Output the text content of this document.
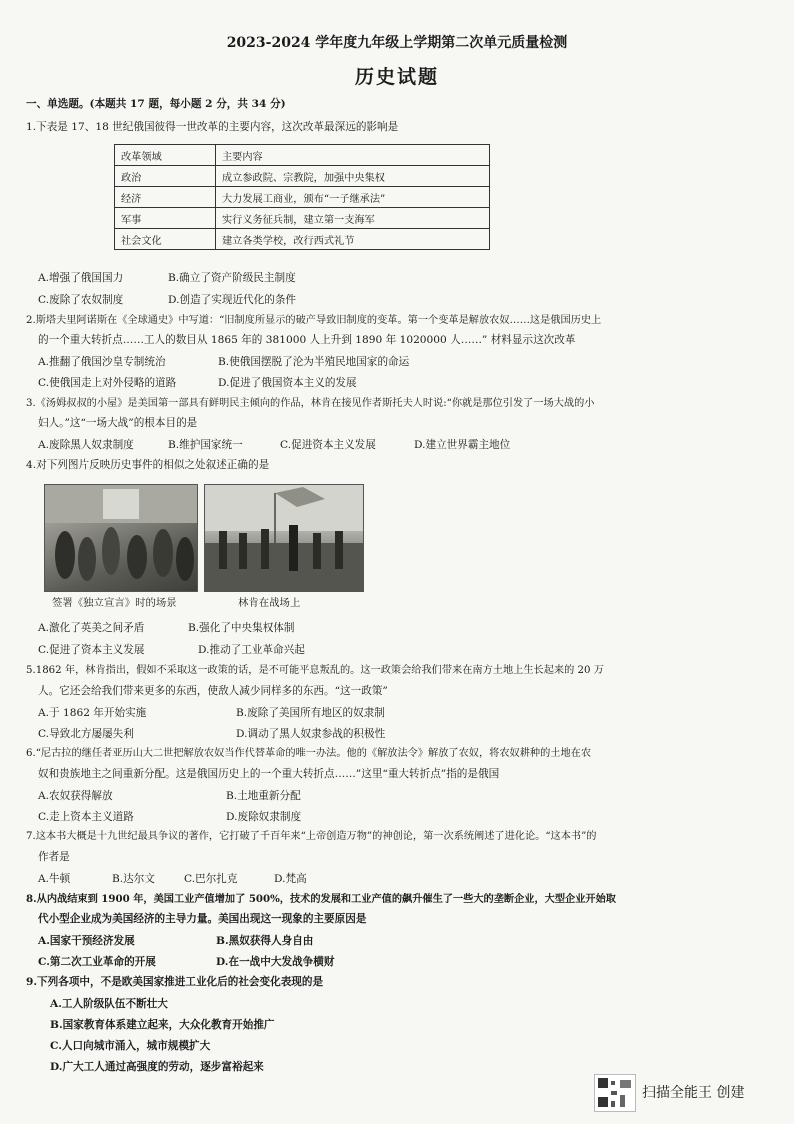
2023-2024 学年度九年级上学期第二次单元质量检测
历史试题
一、单选题。(本题共 17 题，每小题 2 分，共 34 分)
1.下表是 17、18 世纪俄国彼得一世改革的主要内容，这次改革最深远的影响是
改革领域	主要内容
政治	成立参政院、宗教院，加强中央集权
经济	大力发展工商业，颁布“一子继承法”
军事	实行义务征兵制，建立第一支海军
社会文化	建立各类学校，改行西式礼节
A.增强了俄国国力	B.确立了资产阶级民主制度
C.废除了农奴制度	D.创造了实现近代化的条件
2.斯塔夫里阿诺斯在《全球通史》中写道：“旧制度所显示的破产导致旧制度的变革。第一个变革是解放农奴……这是俄国历史上
的一个重大转折点……工人的数目从 1865 年的 381000 人上升到 1890 年 1020000 人……” 材料显示这次改革
A.推翻了俄国沙皇专制统治	B.使俄国摆脱了沦为半殖民地国家的命运
C.使俄国走上对外侵略的道路	D.促进了俄国资本主义的发展
3.《汤姆叔叔的小屋》是美国第一部具有鲜明民主倾向的作品，林肯在接见作者斯托夫人时说:“你就是那位引发了一场大战的小
妇人。”这“一场大战”的根本目的是
A.废除黑人奴隶制度	B.维护国家统一	C.促进资本主义发展	D.建立世界霸主地位
4.对下列图片反映历史事件的相似之处叙述正确的是
签署《独立宣言》时的场景	林肯在战场上
A.激化了英美之间矛盾	B.强化了中央集权体制
C.促进了资本主义发展	D.推动了工业革命兴起
5.1862 年，林肯指出，假如不采取这一政策的话，是不可能平息叛乱的。这一政策会给我们带来在南方土地上生长起来的 20 万
人。它还会给我们带来更多的东西，使敌人减少同样多的东西。“这一政策”
A.于 1862 年开始实施	B.废除了美国所有地区的奴隶制
C.导致北方屡屡失利	D.调动了黑人奴隶参战的积极性
6.“尼古拉的继任者亚历山大二世把解放农奴当作代替革命的唯一办法。他的《解放法令》解放了农奴，将农奴耕种的土地在农
奴和贵族地主之间重新分配。这是俄国历史上的一个重大转折点……”这里“重大转折点”指的是俄国
A.农奴获得解放	B.土地重新分配
C.走上资本主义道路	D.废除奴隶制度
7.这本书大概是十九世纪最具争议的著作，它打破了千百年来“上帝创造万物”的神创论，第一次系统阐述了进化论。“这本书”的
作者是
A.牛顿	B.达尔文	C.巴尔扎克	D.梵高
8.从内战结束到 1900 年，美国工业产值增加了 500%，技术的发展和工业产值的飙升催生了一些大的垄断企业，大型企业开始取
代小型企业成为美国经济的主导力量。美国出现这一现象的主要原因是
A.国家干预经济发展	B.黑奴获得人身自由
C.第二次工业革命的开展	D.在一战中大发战争横财
9.下列各项中，不是欧美国家推进工业化后的社会变化表现的是
A.工人阶级队伍不断壮大
B.国家教育体系建立起来，大众化教育开始推广
C.人口向城市涌入，城市规模扩大
D.广大工人通过高强度的劳动，逐步富裕起来
扫描全能王 创建
